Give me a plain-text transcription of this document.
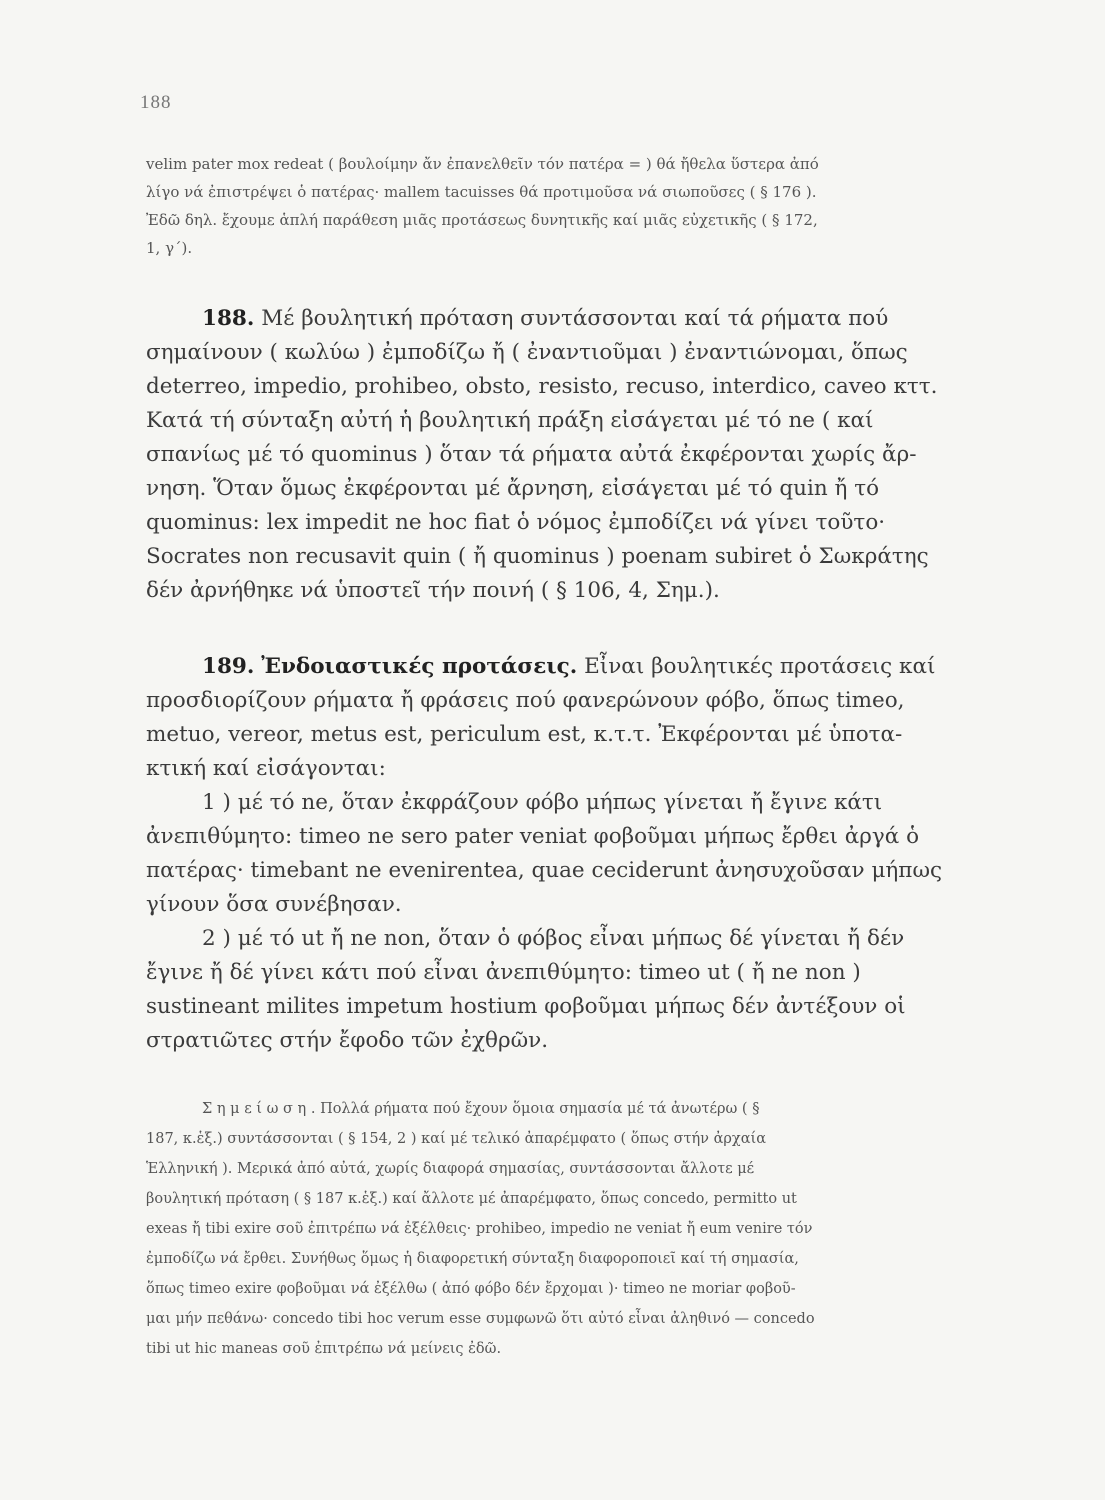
188
velim pater mox redeat ( βουλοίμην ἄν ἐπανελθεῖν τόν πατέρα = ) θά ἤθελα ὕστερα ἀπό
λίγο νά ἐπιστρέψει ὁ πατέρας· mallem tacuisses θά προτιμοῦσα νά σιωποῦσες ( § 176 ).
Ἐδῶ δηλ. ἔχουμε ἁπλή παράθεση μιᾶς προτάσεως δυνητικῆς καί μιᾶς εὐχετικῆς ( § 172,
1, γ΄).
188. Μέ βουλητική πρόταση συντάσσονται καί τά ρήματα πού
σημαίνουν ( κωλύω ) ἐμποδίζω ἤ ( ἐναντιοῦμαι ) ἐναντιώνομαι, ὅπως
deterreo, impedio, prohibeo, obsto, resisto, recuso, interdico, caveo κττ.
Κατά τή σύνταξη αὐτή ἡ βουλητική πράξη εἰσάγεται μέ τό ne ( καί
σπανίως μέ τό quominus ) ὅταν τά ρήματα αὐτά ἐκφέρονται χωρίς ἄρ-
νηση. Ὅταν ὅμως ἐκφέρονται μέ ἄρνηση, εἰσάγεται μέ τό quin ἤ τό
quominus: lex impedit ne hoc fiat ὁ νόμος ἐμποδίζει νά γίνει τοῦτο·
Socrates non recusavit quin ( ἤ quominus ) poenam subiret ὁ Σωκράτης
δέν ἀρνήθηκε νά ὑποστεῖ τήν ποινή ( § 106, 4, Σημ.).
189. Ἐνδοιαστικές προτάσεις. Εἶναι βουλητικές προτάσεις καί
προσδιορίζουν ρήματα ἤ φράσεις πού φανερώνουν φόβο, ὅπως timeo,
metuo, vereor, metus est, periculum est, κ.τ.τ. Ἐκφέρονται μέ ὑποτα-
κτική καί εἰσάγονται:
1 ) μέ τό ne, ὅταν ἐκφράζουν φόβο μήπως γίνεται ἤ ἔγινε κάτι
ἀνεπιθύμητο: timeo ne sero pater veniat φοβοῦμαι μήπως ἔρθει ἀργά ὁ
πατέρας· timebant ne evenirentea, quae ceciderunt ἀνησυχοῦσαν μήπως
γίνουν ὅσα συνέβησαν.
2 ) μέ τό ut ἤ ne non, ὅταν ὁ φόβος εἶναι μήπως δέ γίνεται ἤ δέν
ἔγινε ἤ δέ γίνει κάτι πού εἶναι ἀνεπιθύμητο: timeo ut ( ἤ ne non )
sustineant milites impetum hostium φοβοῦμαι μήπως δέν ἀντέξουν οἱ
στρατιῶτες στήν ἔφοδο τῶν ἐχθρῶν.
Σ η μ ε ί ω σ η . Πολλά ρήματα πού ἔχουν ὅμοια σημασία μέ τά ἀνωτέρω ( §
187, κ.ἑξ.) συντάσσονται ( § 154, 2 ) καί μέ τελικό ἀπαρέμφατο ( ὅπως στήν ἀρχαία
Ἑλληνική ). Μερικά ἀπό αὐτά, χωρίς διαφορά σημασίας, συντάσσονται ἄλλοτε μέ
βουλητική πρόταση ( § 187 κ.ἑξ.) καί ἄλλοτε μέ ἀπαρέμφατο, ὅπως concedo, permitto ut
exeas ἤ tibi exire σοῦ ἐπιτρέπω νά ἐξέλθεις· prohibeo, impedio ne veniat ἤ eum venire τόν
ἐμποδίζω νά ἔρθει. Συνήθως ὅμως ἡ διαφορετική σύνταξη διαφοροποιεῖ καί τή σημασία,
ὅπως timeo exire φοβοῦμαι νά ἐξέλθω ( ἀπό φόβο δέν ἔρχομαι )· timeo ne moriar φοβοῦ-
μαι μήν πεθάνω· concedo tibi hoc verum esse συμφωνῶ ὅτι αὐτό εἶναι ἀληθινό — concedo
tibi ut hic maneas σοῦ ἐπιτρέπω νά μείνεις ἐδῶ.
